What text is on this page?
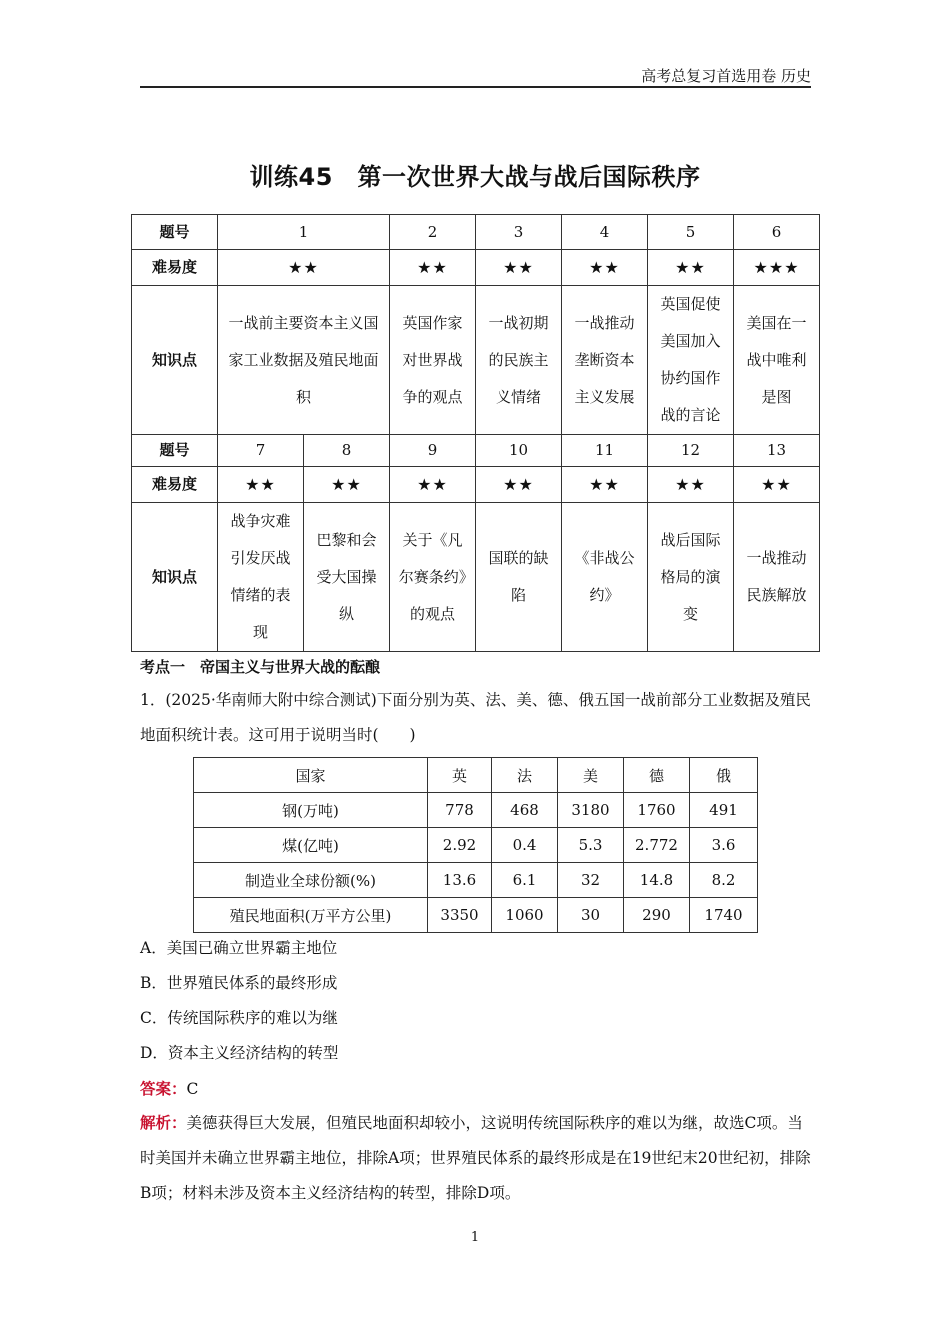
高考总复习首选用卷 历史
训练45　第一次世界大战与战后国际秩序
题号	1		2	3	4	5	6
难易度	★★		★★	★★	★★	★★	★★★
知识点	一战前主要资本主义国家工业数据及殖民地面积		英国作家对世界战争的观点	一战初期的民族主义情绪	一战推动垄断资本主义发展	英国促使美国加入协约国作战的言论	美国在一战中唯利是图
题号	7	8	9	10	11	12	13
难易度	★★	★★	★★	★★	★★	★★	★★
知识点	战争灾难引发厌战情绪的表现	巴黎和会受大国操纵	关于《凡尔赛条约》的观点	国联的缺陷	《非战公约》	战后国际格局的演变	一战推动民族解放
考点一　帝国主义与世界大战的酝酿
1．(2025·华南师大附中综合测试)下面分别为英、法、美、德、俄五国一战前部分工业数据及殖民地面积统计表。这可用于说明当时(　　)
国家	英	法	美	德	俄
钢(万吨)	778	468	3180	1760	491
煤(亿吨)	2.92	0.4	5.3	2.772	3.6
制造业全球份额(%)	13.6	6.1	32	14.8	8.2
殖民地面积(万平方公里)	3350	1060	30	290	1740
A．美国已确立世界霸主地位
B．世界殖民体系的最终形成
C．传统国际秩序的难以为继
D．资本主义经济结构的转型
答案：C
解析：美德获得巨大发展，但殖民地面积却较小，这说明传统国际秩序的难以为继，故选C项。当时美国并未确立世界霸主地位，排除A项；世界殖民体系的最终形成是在19世纪末20世纪初，排除B项；材料未涉及资本主义经济结构的转型，排除D项。
1
